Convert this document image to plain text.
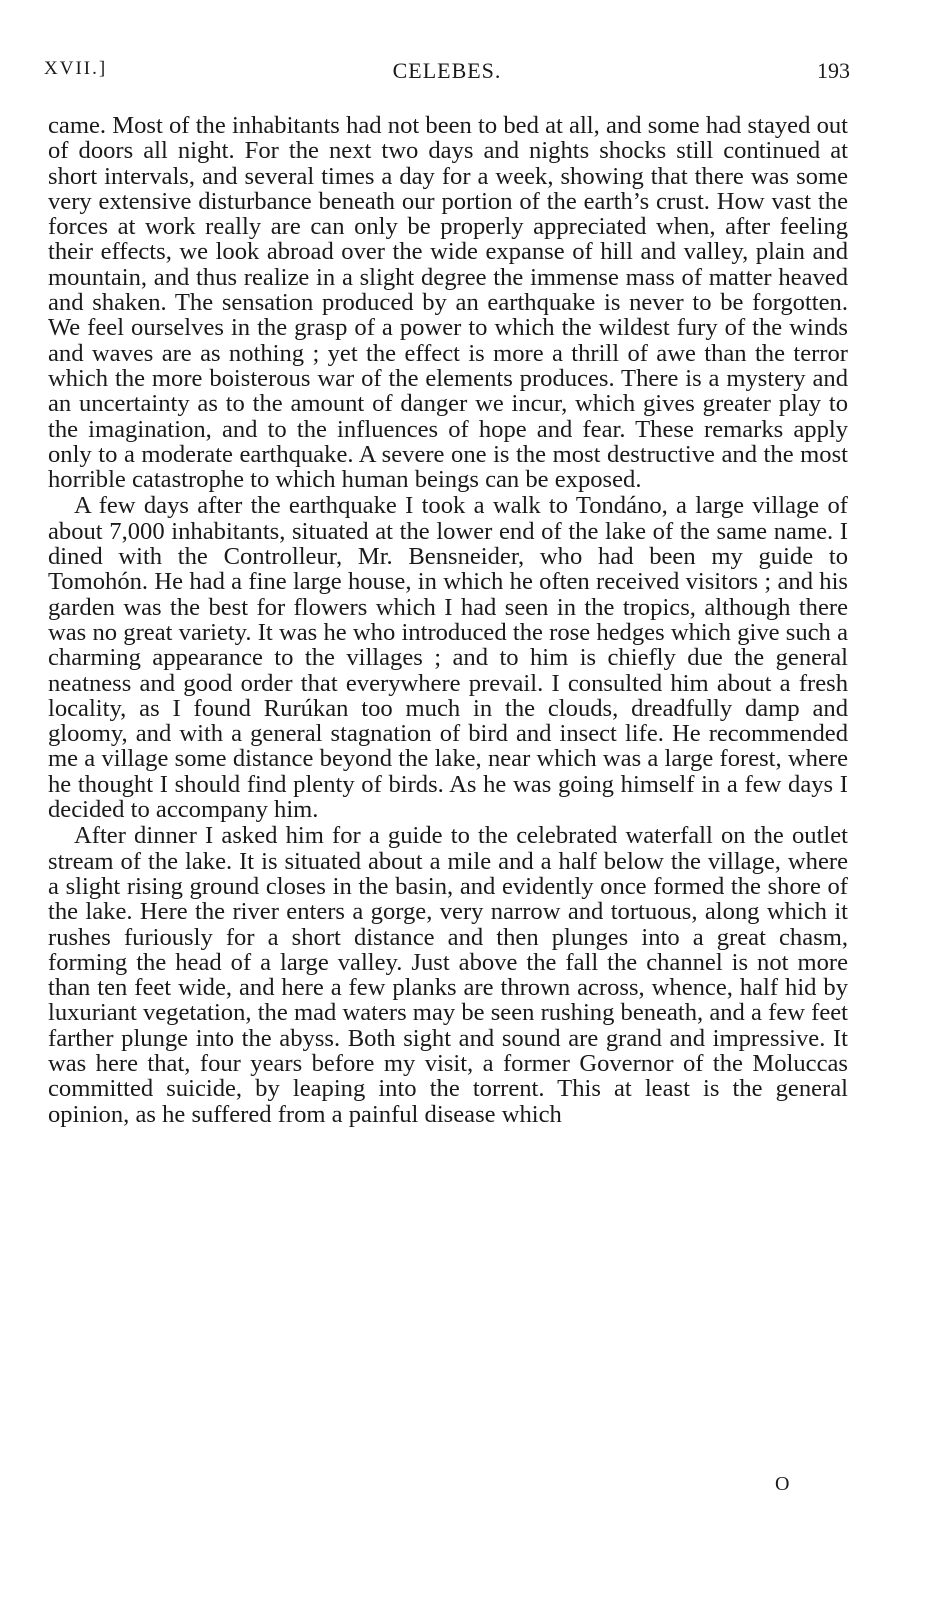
XVII.]	CELEBES.	193

came. Most of the inhabitants had not been to bed at all, and some had stayed out of doors all night. For the next two days and nights shocks still continued at short intervals, and several times a day for a week, showing that there was some very extensive disturbance beneath our portion of the earth’s crust. How vast the forces at work really are can only be properly appreciated when, after feeling their effects, we look abroad over the wide expanse of hill and valley, plain and mountain, and thus realize in a slight degree the immense mass of matter heaved and shaken. The sensation produced by an earthquake is never to be forgotten. We feel ourselves in the grasp of a power to which the wildest fury of the winds and waves are as nothing ; yet the effect is more a thrill of awe than the terror which the more boisterous war of the elements produces. There is a mystery and an uncertainty as to the amount of danger we incur, which gives greater play to the imagination, and to the influences of hope and fear. These remarks apply only to a moderate earthquake. A severe one is the most destructive and the most horrible catastrophe to which human beings can be exposed.

A few days after the earthquake I took a walk to Tondáno, a large village of about 7,000 inhabitants, situated at the lower end of the lake of the same name. I dined with the Controlleur, Mr. Bensneider, who had been my guide to Tomohón. He had a fine large house, in which he often received visitors ; and his garden was the best for flowers which I had seen in the tropics, although there was no great variety. It was he who introduced the rose hedges which give such a charming appearance to the villages ; and to him is chiefly due the general neatness and good order that everywhere prevail. I consulted him about a fresh locality, as I found Rurúkan too much in the clouds, dreadfully damp and gloomy, and with a general stagnation of bird and insect life. He recommended me a village some distance beyond the lake, near which was a large forest, where he thought I should find plenty of birds. As he was going himself in a few days I decided to accompany him.

After dinner I asked him for a guide to the celebrated waterfall on the outlet stream of the lake. It is situated about a mile and a half below the village, where a slight rising ground closes in the basin, and evidently once formed the shore of the lake. Here the river enters a gorge, very narrow and tortuous, along which it rushes furiously for a short distance and then plunges into a great chasm, forming the head of a large valley. Just above the fall the channel is not more than ten feet wide, and here a few planks are thrown across, whence, half hid by luxuriant vegetation, the mad waters may be seen rushing beneath, and a few feet farther plunge into the abyss. Both sight and sound are grand and impressive. It was here that, four years before my visit, a former Governor of the Moluccas committed suicide, by leaping into the torrent. This at least is the general opinion, as he suffered from a painful disease which

O
